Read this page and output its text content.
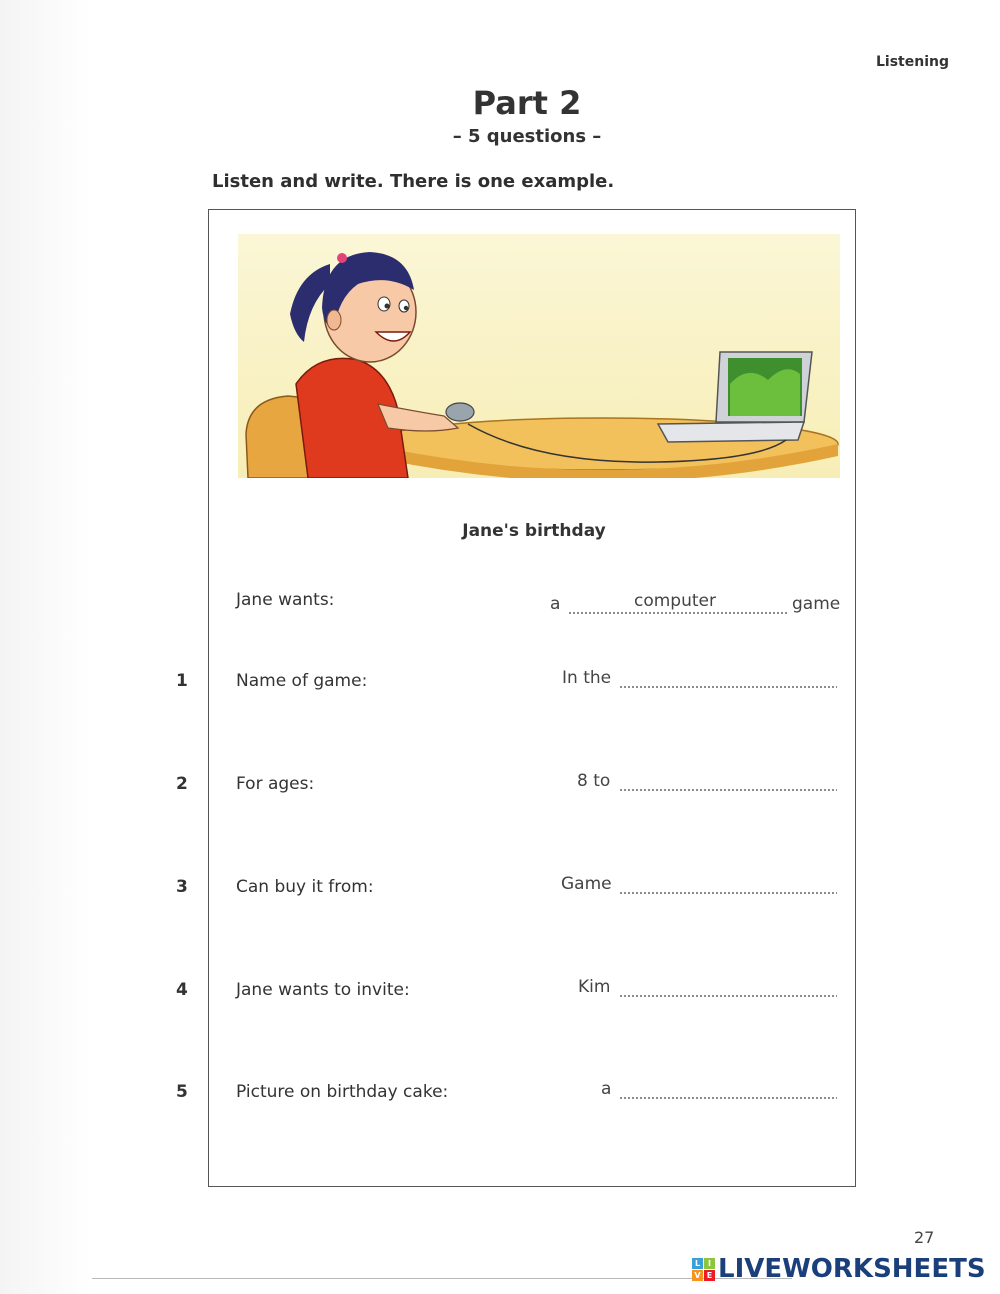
Listening
Part 2
– 5 questions –
Listen and write. There is one example.
Jane's birthday
Jane wants:	a	computer	game
1	Name of game:	In the
2	For ages:	8 to
3	Can buy it from:	Game
4	Jane wants to invite:	Kim
5	Picture on birthday cake:	a
27
L I
V E LIVEWORKSHEETS
